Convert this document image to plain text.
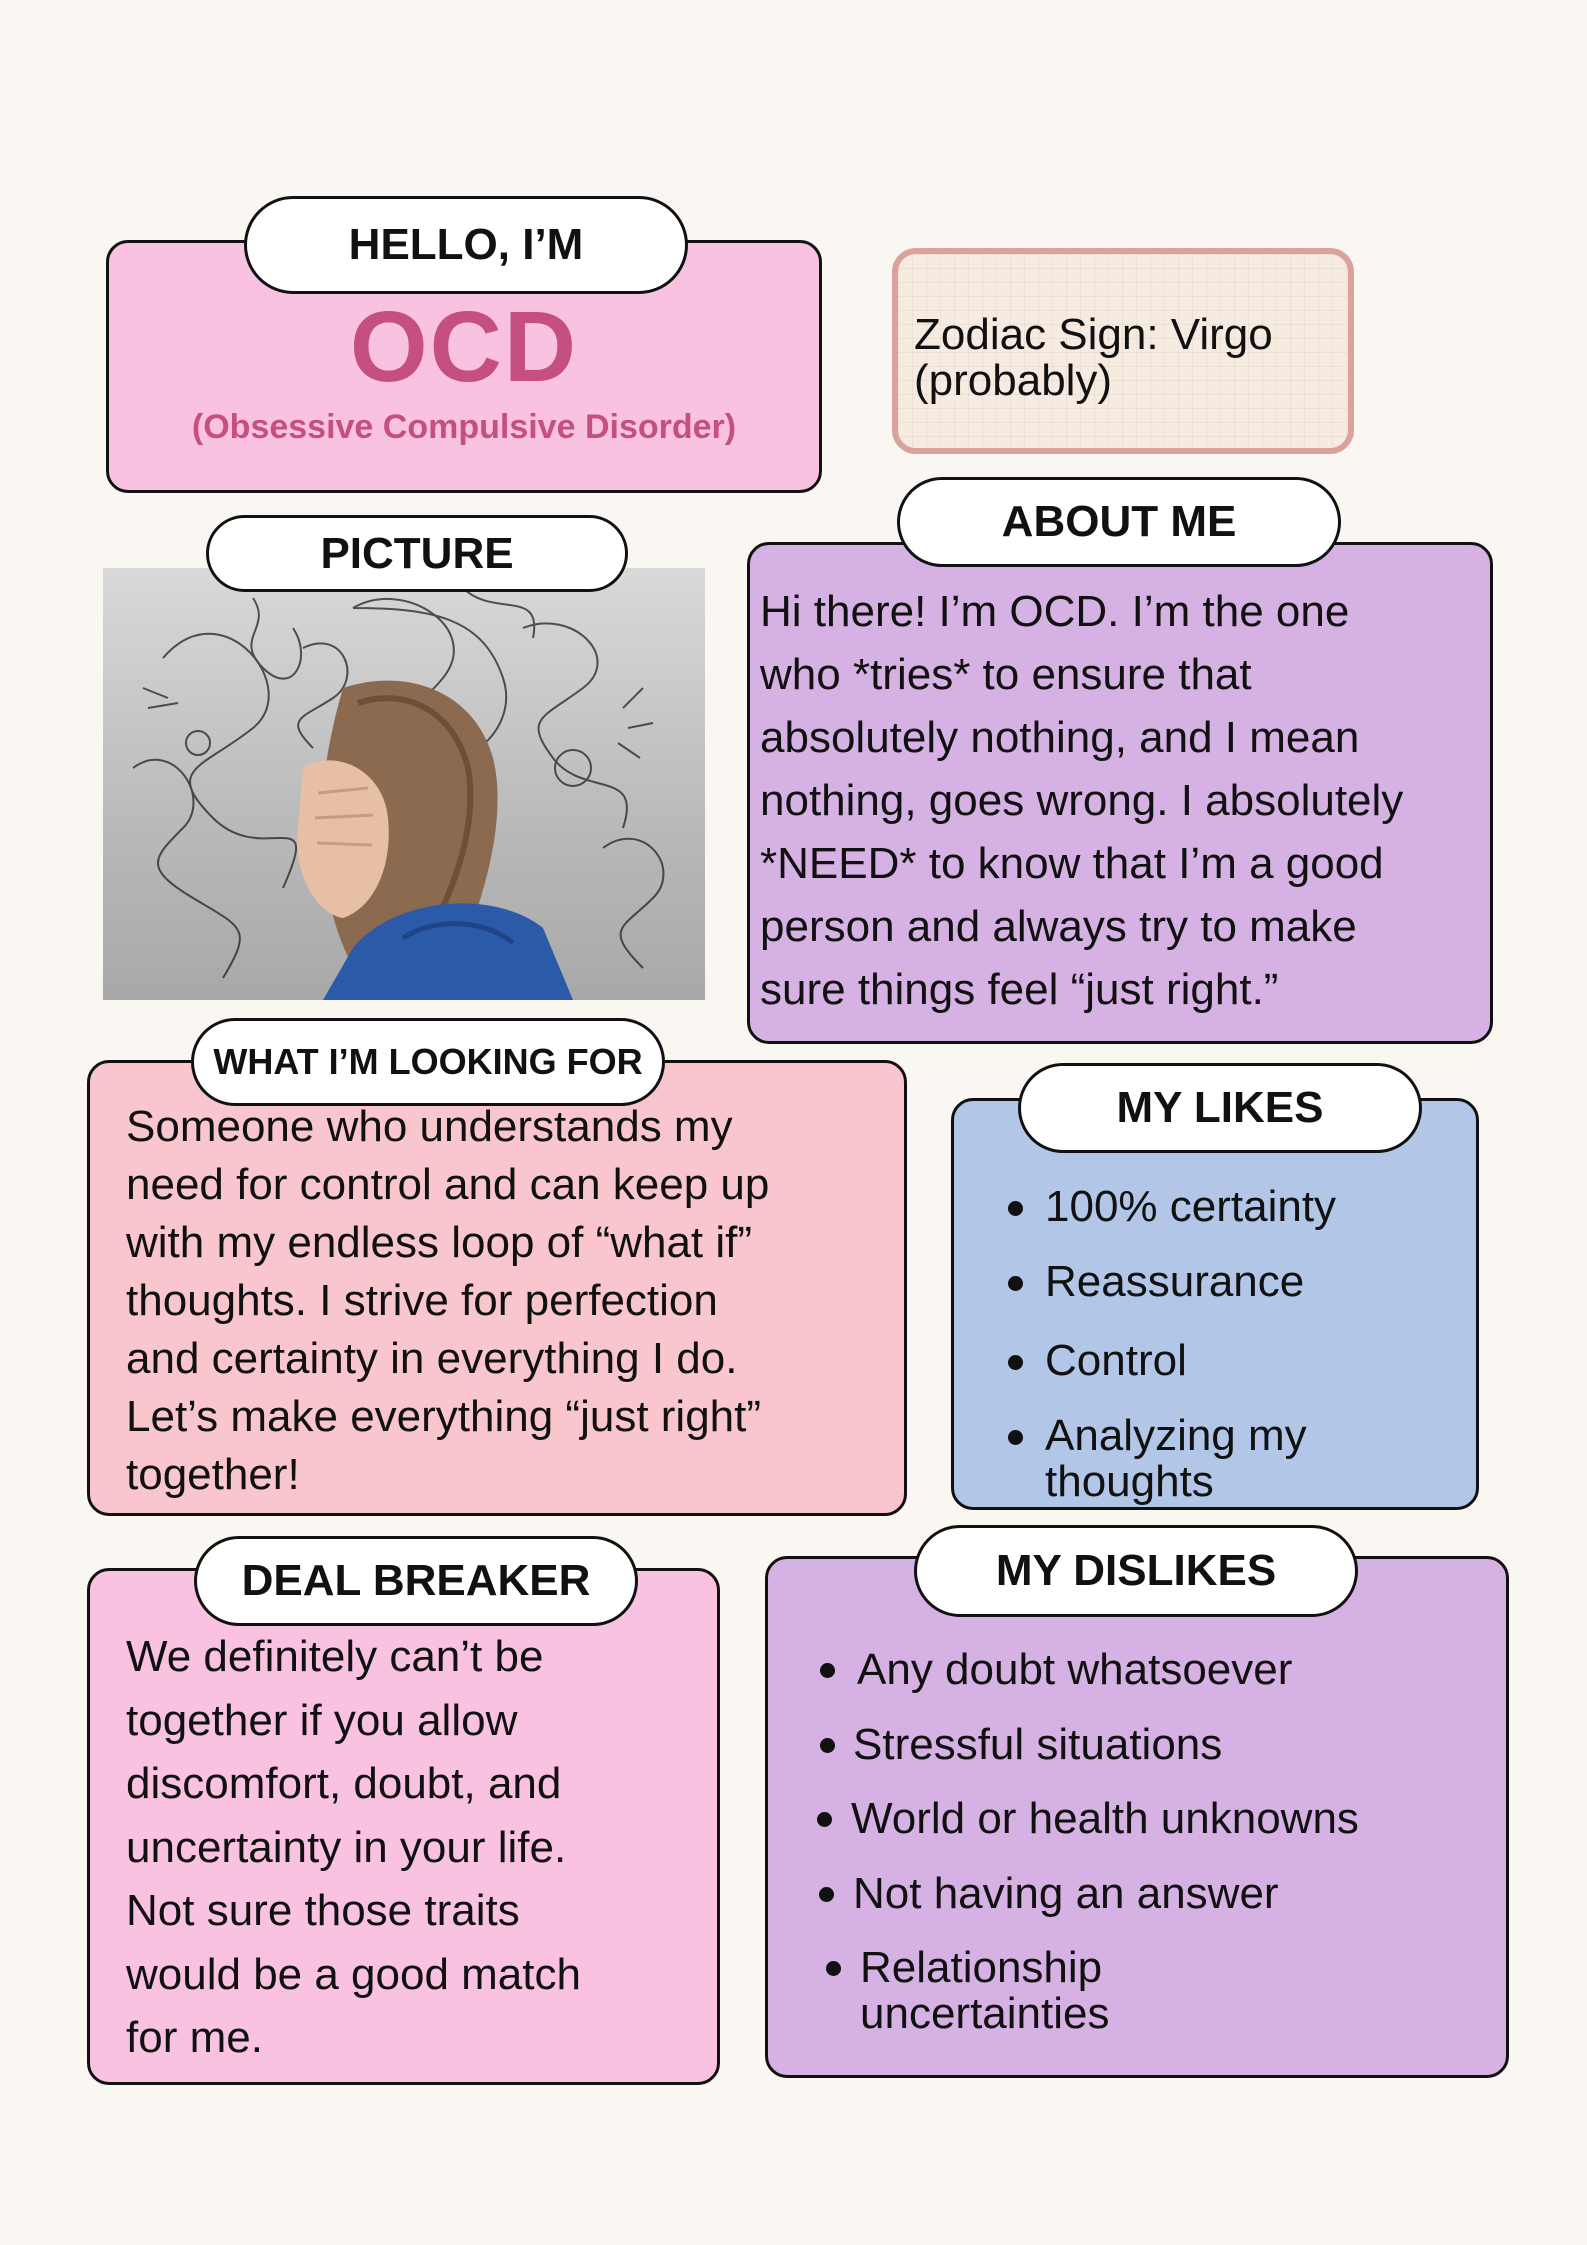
HELLO, I’M
OCD
(Obsessive Compulsive Disorder)
Zodiac Sign: Virgo
(probably)
PICTURE
ABOUT ME
Hi there! I’m OCD. I’m the one
who *tries* to ensure that
absolutely nothing, and I mean
nothing, goes wrong. I absolutely
*NEED* to know that I’m a good
person and always try to make
sure things feel “just right.”
WHAT I’M LOOKING FOR
Someone who understands my
need for control and can keep up
with my endless loop of “what if”
thoughts. I strive for perfection
and certainty in everything I do.
Let’s make everything “just right”
together!
MY LIKES
100% certainty
Reassurance
Control
Analyzing my
thoughts
DEAL BREAKER
We definitely can’t be
together if you allow
discomfort, doubt, and
uncertainty in your life.
Not sure those traits
would be a good match
for me.
MY DISLIKES
Any doubt whatsoever
Stressful situations
World or health unknowns
Not having an answer
Relationship
uncertainties
